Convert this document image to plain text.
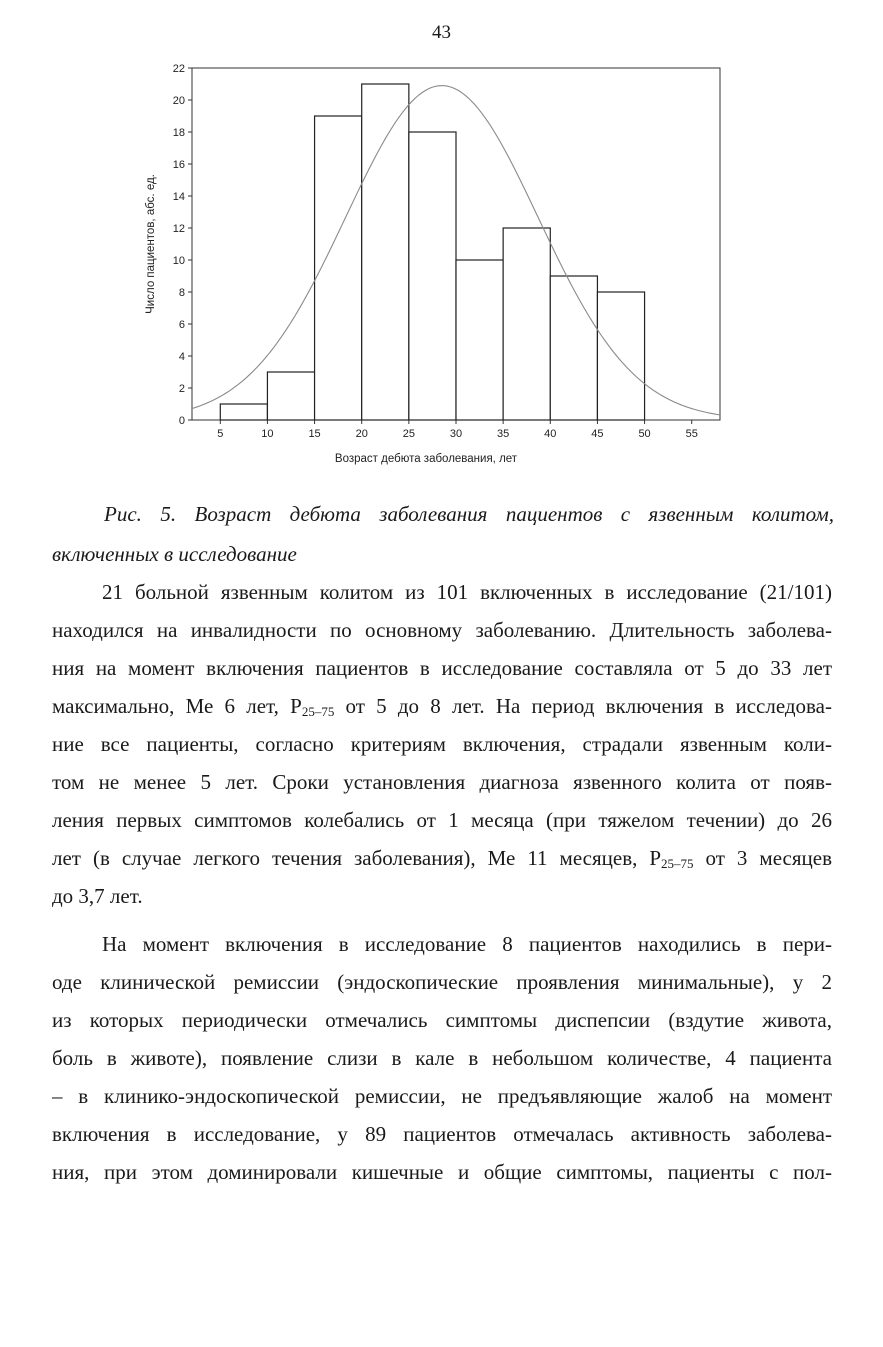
43
0
2
4
6
8
10
12
14
16
18
20
22
5	10	15	20	25	30	35	40	45	50	55
Число пациентов, абс. ед.
Возраст дебюта заболевания, лет
Рис. 5. Возраст дебюта заболевания пациентов с язвенным колитом,
включенных в исследование
21 больной язвенным колитом из 101 включенных в исследование (21/101)
находился на инвалидности по основному заболеванию. Длительность заболева-
ния на момент включения пациентов в исследование составляла от 5 до 33 лет
максимально, Ме 6 лет, $Р_{25-75}$ от 5 до 8 лет. На период включения в исследова-
ние все пациенты, согласно критериям включения, страдали язвенным коли-
том не менее 5 лет. Сроки установления диагноза язвенного колита от появ-
ления первых симптомов колебались от 1 месяца (при тяжелом течении) до 26
лет (в случае легкого течения заболевания), Ме 11 месяцев, $Р_{25-75}$ от 3 месяцев
до 3,7 лет.
На момент включения в исследование 8 пациентов находились в пери-
оде клинической ремиссии (эндоскопические проявления минимальные), у 2
из которых периодически отмечались симптомы диспепсии (вздутие живота,
боль в животе), появление слизи в кале в небольшом количестве, 4 пациента
– в клинико-эндоскопической ремиссии, не предъявляющие жалоб на момент
включения в исследование, у 89 пациентов отмечалась активность заболева-
ния, при этом доминировали кишечные и общие симптомы, пациенты с пол-
